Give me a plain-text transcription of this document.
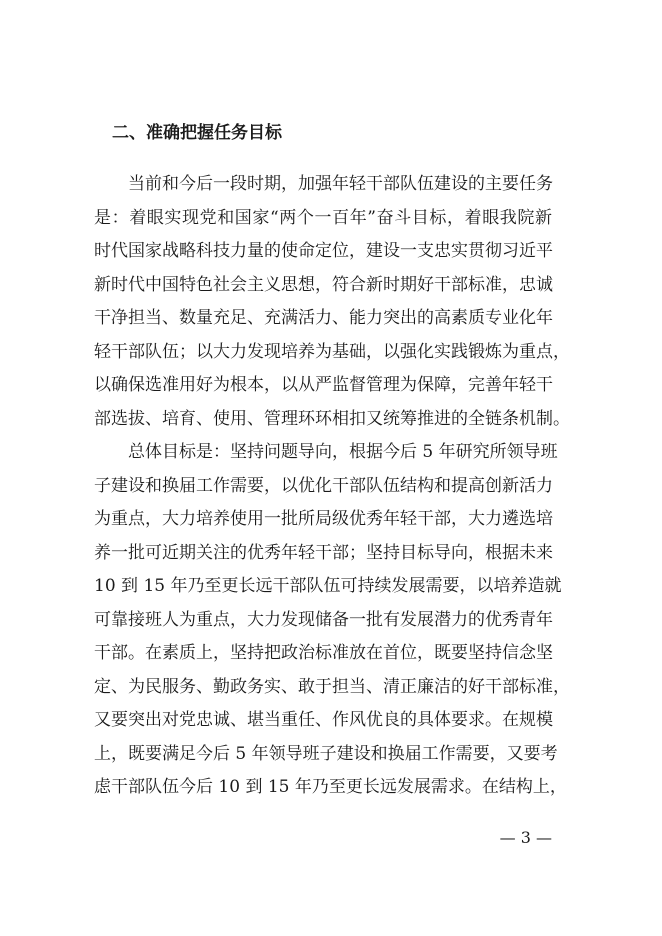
二、准确把握任务目标
当前和今后一段时期，加强年轻干部队伍建设的主要任务
是：着眼实现党和国家“两个一百年”奋斗目标，着眼我院新
时代国家战略科技力量的使命定位，建设一支忠实贯彻习近平
新时代中国特色社会主义思想，符合新时期好干部标准，忠诚
干净担当、数量充足、充满活力、能力突出的高素质专业化年
轻干部队伍；以大力发现培养为基础，以强化实践锻炼为重点，
以确保选准用好为根本，以从严监督管理为保障，完善年轻干
部选拔、培育、使用、管理环环相扣又统筹推进的全链条机制。
总体目标是：坚持问题导向，根据今后 5 年研究所领导班
子建设和换届工作需要，以优化干部队伍结构和提高创新活力
为重点，大力培养使用一批所局级优秀年轻干部，大力遴选培
养一批可近期关注的优秀年轻干部；坚持目标导向，根据未来
10 到 15 年乃至更长远干部队伍可持续发展需要，以培养造就
可靠接班人为重点，大力发现储备一批有发展潜力的优秀青年
干部。在素质上，坚持把政治标准放在首位，既要坚持信念坚
定、为民服务、勤政务实、敢于担当、清正廉洁的好干部标准，
又要突出对党忠诚、堪当重任、作风优良的具体要求。在规模
上，既要满足今后 5 年领导班子建设和换届工作需要，又要考
虑干部队伍今后 10 到 15 年乃至更长远发展需求。在结构上，
— 3 —
